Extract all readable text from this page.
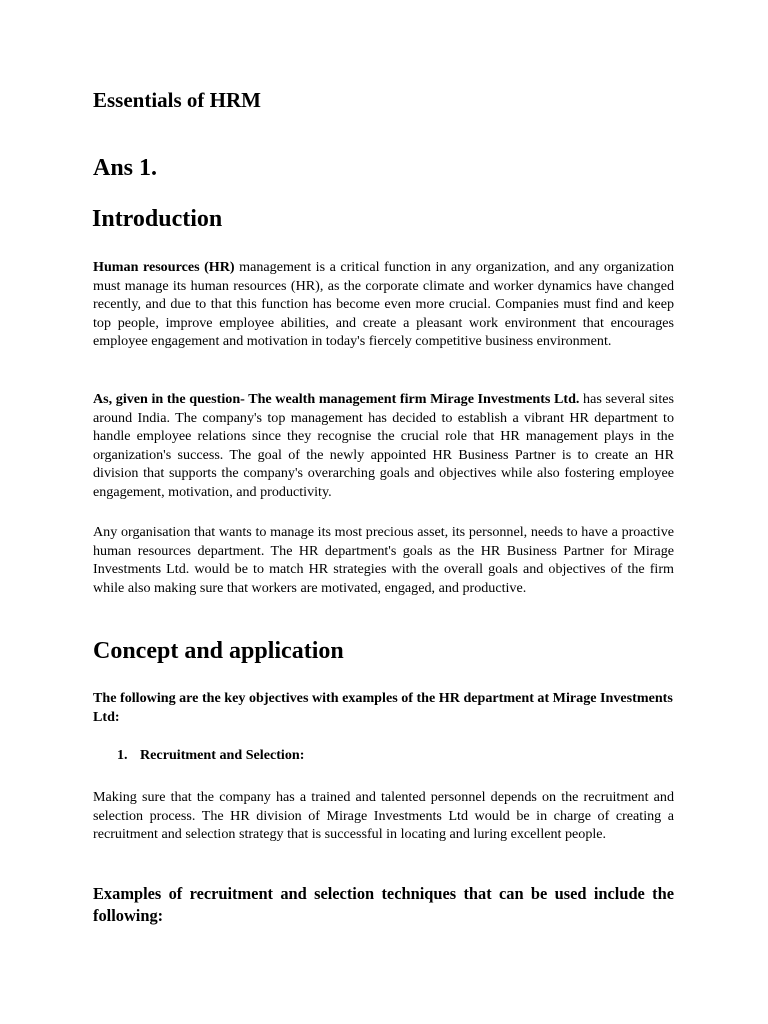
Essentials of HRM
Ans 1.
Introduction

Human resources (HR) management is a critical function in any organization, and any organization must manage its human resources (HR), as the corporate climate and worker dynamics have changed recently, and due to that this function has become even more crucial. Companies must find and keep top people, improve employee abilities, and create a pleasant work environment that encourages employee engagement and motivation in today's fiercely competitive business environment.

As, given in the question- The wealth management firm Mirage Investments Ltd. has several sites around India. The company's top management has decided to establish a vibrant HR department to handle employee relations since they recognise the crucial role that HR management plays in the organization's success. The goal of the newly appointed HR Business Partner is to create an HR division that supports the company's overarching goals and objectives while also fostering employee engagement, motivation, and productivity.

Any organisation that wants to manage its most precious asset, its personnel, needs to have a proactive human resources department. The HR department's goals as the HR Business Partner for Mirage Investments Ltd. would be to match HR strategies with the overall goals and objectives of the firm while also making sure that workers are motivated, engaged, and productive.

Concept and application

The following are the key objectives with examples of the HR department at Mirage Investments Ltd:

1. Recruitment and Selection:

Making sure that the company has a trained and talented personnel depends on the recruitment and selection process. The HR division of Mirage Investments Ltd would be in charge of creating a recruitment and selection strategy that is successful in locating and luring excellent people.

Examples of recruitment and selection techniques that can be used include the following:
